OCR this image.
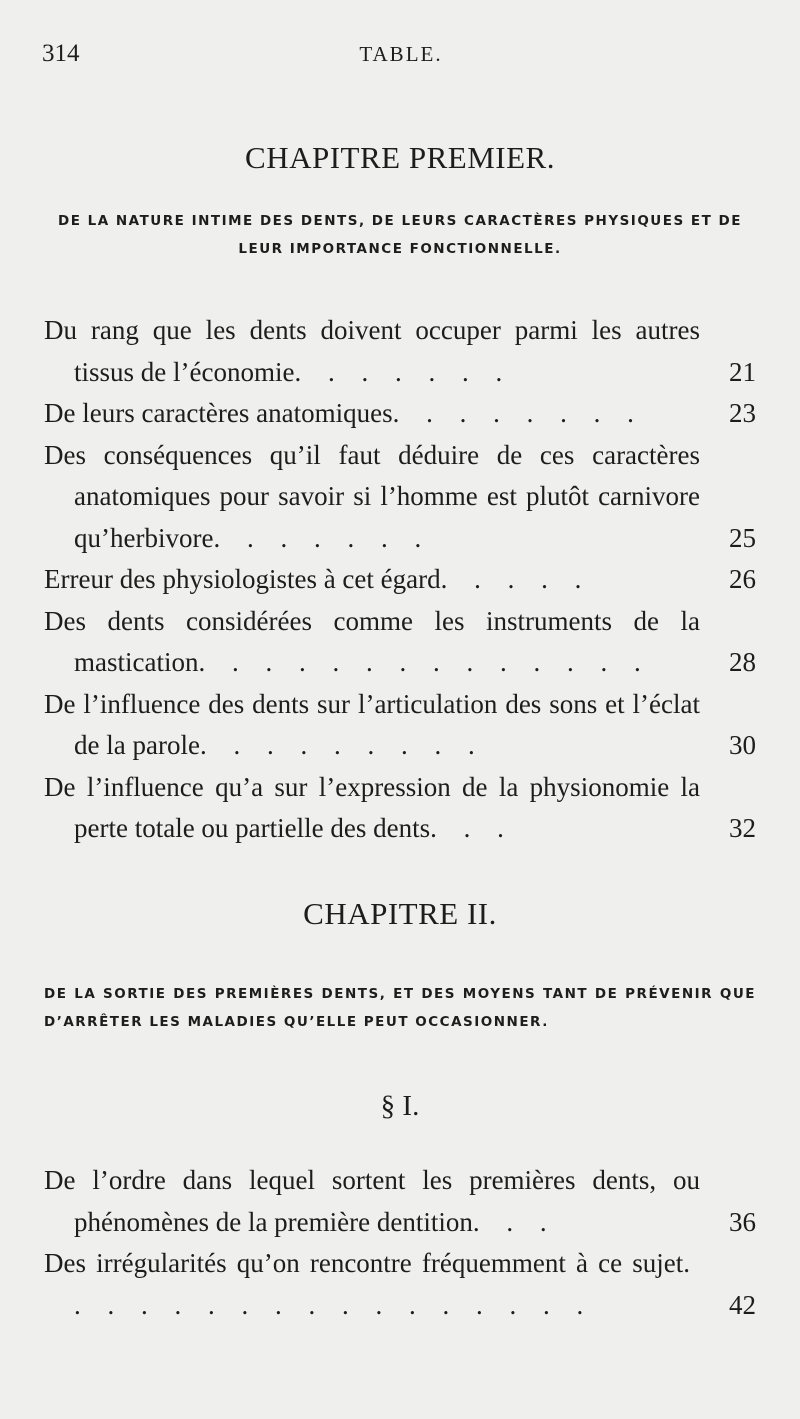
314	TABLE.
CHAPITRE PREMIER.
DE LA NATURE INTIME DES DENTS, DE LEURS CARACTÈRES PHYSIQUES ET DE LEUR IMPORTANCE FONCTIONNELLE.
Du rang que les dents doivent occuper parmi les autres tissus de l’économie. . . . . . .	21
De leurs caractères anatomiques. . . . . . . .	23
Des conséquences qu’il faut déduire de ces caractères anatomiques pour savoir si l’homme est plutôt carnivore qu’herbivore. . . . . . .	25
Erreur des physiologistes à cet égard. . . . .	26
Des dents considérées comme les instruments de la mastication. . . . . . . . . . . . . .	28
De l’influence des dents sur l’articulation des sons et l’éclat de la parole. . . . . . . . .	30
De l’influence qu’a sur l’expression de la physionomie la perte totale ou partielle des dents. . .	32
CHAPITRE II.
DE LA SORTIE DES PREMIÈRES DENTS, ET DES MOYENS TANT DE PRÉVENIR QUE D’ARRÊTER LES MALADIES QU’ELLE PEUT OCCASIONNER.
§ I.
De l’ordre dans lequel sortent les premières dents, ou phénomènes de la première dentition. . .	36
Des irrégularités qu’on rencontre fréquemment à ce sujet. . . . . . . . . . . . . . . . .	42
